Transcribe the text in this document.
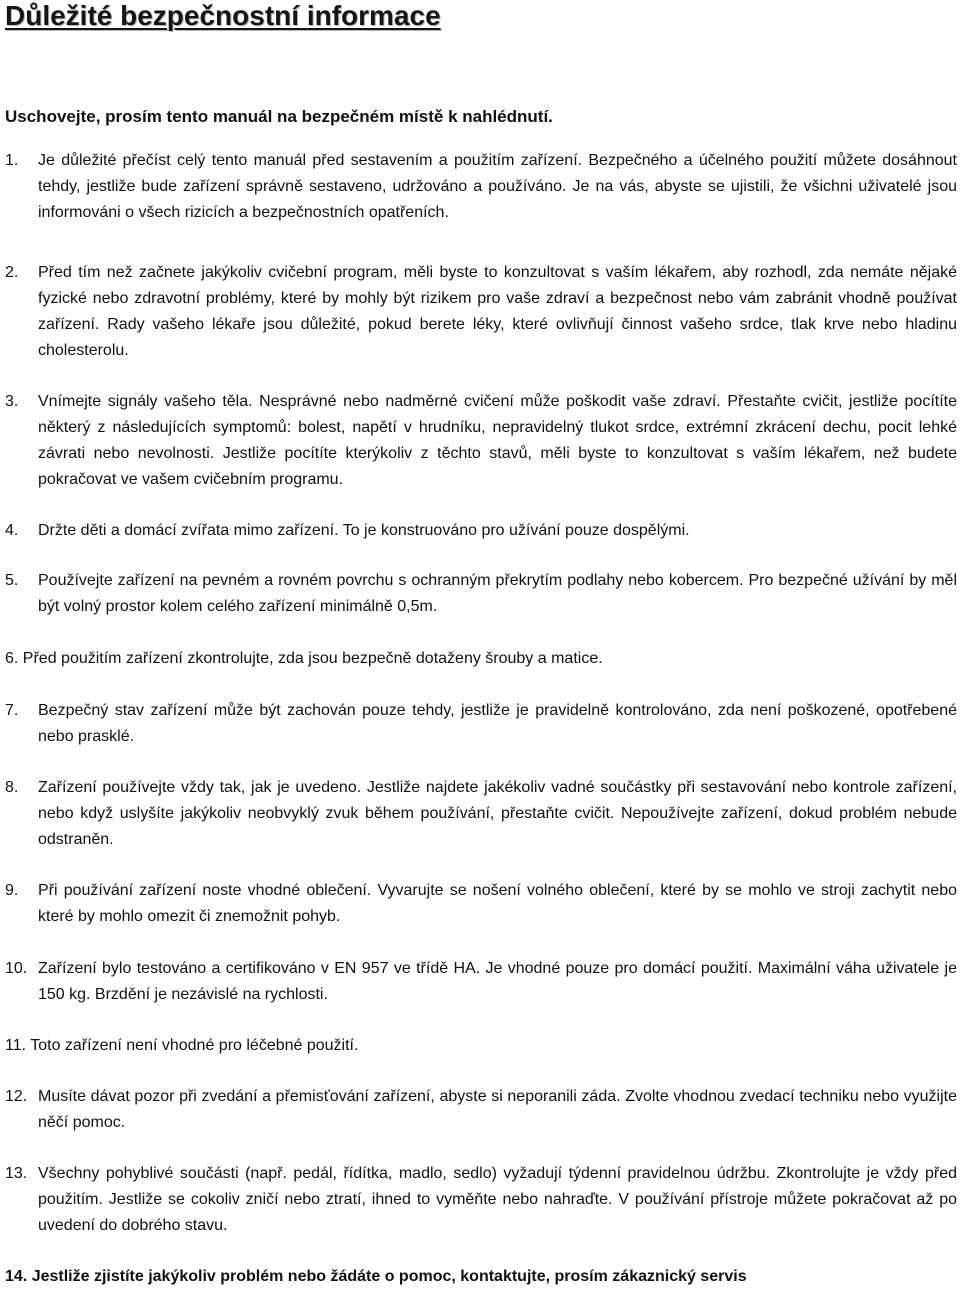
Důležité bezpečnostní informace

Uschovejte, prosím tento manuál na bezpečném místě k nahlédnutí.

1. Je důležité přečíst celý tento manuál před sestavením a použitím zařízení. Bezpečného a účelného použití můžete dosáhnout tehdy, jestliže bude zařízení správně sestaveno, udržováno a používáno. Je na vás, abyste se ujistili, že všichni uživatelé jsou informováni o všech rizicích a bezpečnostních opatřeních.
2. Před tím než začnete jakýkoliv cvičební program, měli byste to konzultovat s vaším lékařem, aby rozhodl, zda nemáte nějaké fyzické nebo zdravotní problémy, které by mohly být rizikem pro vaše zdraví a bezpečnost nebo vám zabránit vhodně používat zařízení. Rady vašeho lékaře jsou důležité, pokud berete léky, které ovlivňují činnost vašeho srdce, tlak krve nebo hladinu cholesterolu.
3. Vnímejte signály vašeho těla. Nesprávné nebo nadměrné cvičení může poškodit vaše zdraví. Přestaňte cvičit, jestliže pocítíte některý z následujících symptomů: bolest, napětí v hrudníku, nepravidelný tlukot srdce, extrémní zkrácení dechu, pocit lehké závrati nebo nevolnosti. Jestliže pocítíte kterýkoliv z těchto stavů, měli byste to konzultovat s vaším lékařem, než budete pokračovat ve vašem cvičebním programu.
4. Držte děti a domácí zvířata mimo zařízení. To je konstruováno pro užívání pouze dospělými.
5. Používejte zařízení na pevném a rovném povrchu s ochranným překrytím podlahy nebo kobercem. Pro bezpečné užívání by měl být volný prostor kolem celého zařízení minimálně 0,5m.
6. Před použitím zařízení zkontrolujte, zda jsou bezpečně dotaženy šrouby a matice.
7. Bezpečný stav zařízení může být zachován pouze tehdy, jestliže je pravidelně kontrolováno, zda není poškozené, opotřebené nebo prasklé.
8. Zařízení používejte vždy tak, jak je uvedeno. Jestliže najdete jakékoliv vadné součástky při sestavování nebo kontrole zařízení, nebo když uslyšíte jakýkoliv neobvyklý zvuk během používání, přestaňte cvičit. Nepoužívejte zařízení, dokud problém nebude odstraněn.
9. Při používání zařízení noste vhodné oblečení. Vyvarujte se nošení volného oblečení, které by se mohlo ve stroji zachytit nebo které by mohlo omezit či znemožnit pohyb.
10. Zařízení bylo testováno a certifikováno v EN 957 ve třídě HA. Je vhodné pouze pro domácí použití. Maximální váha uživatele je 150 kg. Brzdění je nezávislé na rychlosti.
11. Toto zařízení není vhodné pro léčebné použití.
12. Musíte dávat pozor při zvedání a přemisťování zařízení, abyste si neporanili záda. Zvolte vhodnou zvedací techniku nebo využijte něčí pomoc.
13. Všechny pohyblivé součásti (např. pedál, řídítka, madlo, sedlo) vyžadují týdenní pravidelnou údržbu. Zkontrolujte je vždy před použitím. Jestliže se cokoliv zničí nebo ztratí, ihned to vyměňte nebo nahraďte. V používání přístroje můžete pokračovat až po uvedení do dobrého stavu.
14. Jestliže zjistíte jakýkoliv problém nebo žádáte o pomoc, kontaktujte, prosím zákaznický servis
